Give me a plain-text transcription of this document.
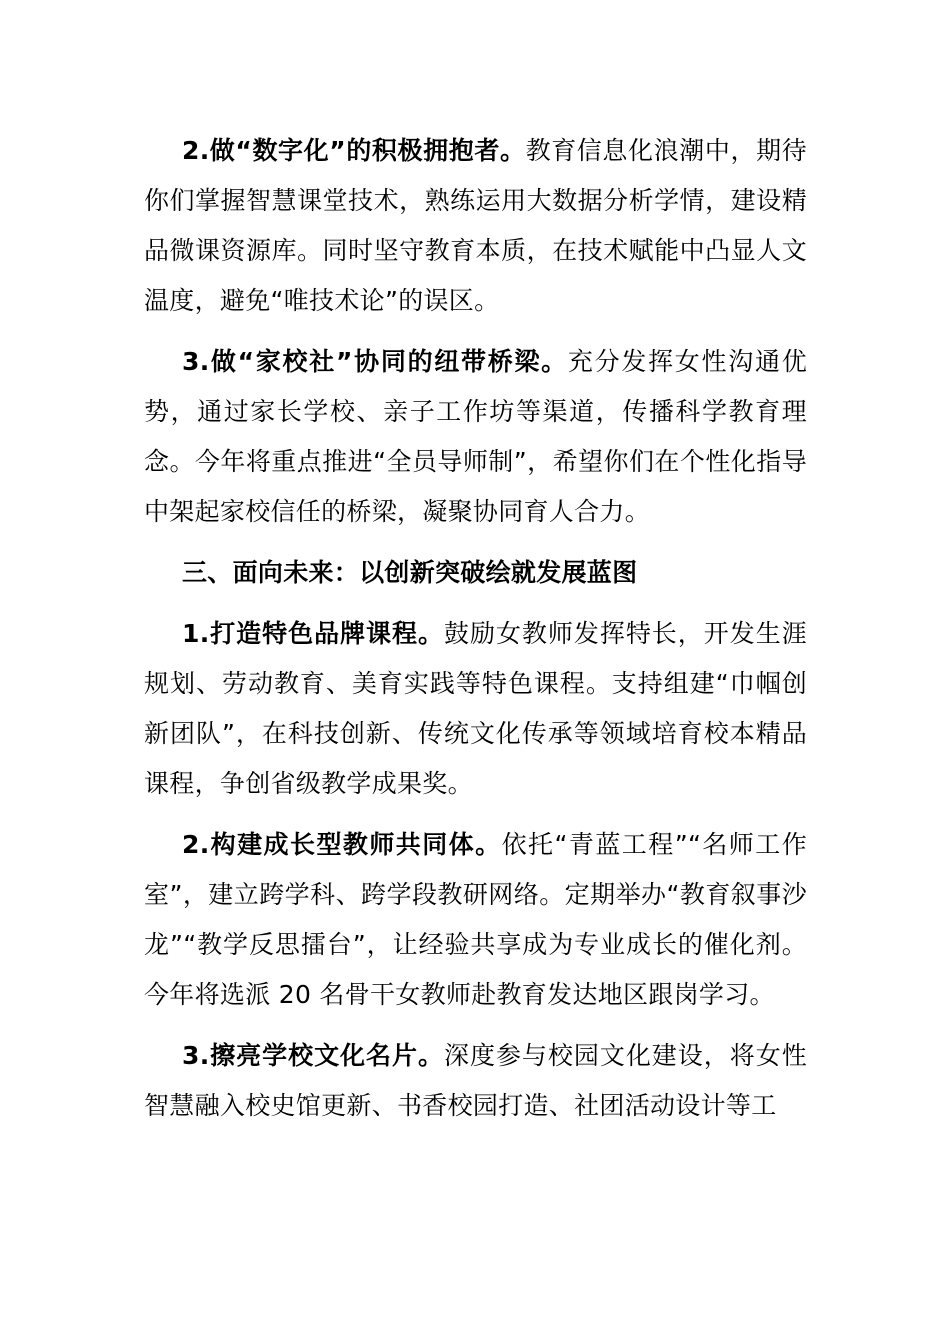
2.做“数字化”的积极拥抱者。教育信息化浪潮中，期待你们掌握智慧课堂技术，熟练运用大数据分析学情，建设精品微课资源库。同时坚守教育本质，在技术赋能中凸显人文温度，避免“唯技术论”的误区。

3.做“家校社”协同的纽带桥梁。充分发挥女性沟通优势，通过家长学校、亲子工作坊等渠道，传播科学教育理念。今年将重点推进“全员导师制”，希望你们在个性化指导中架起家校信任的桥梁，凝聚协同育人合力。

三、面向未来：以创新突破绘就发展蓝图

1.打造特色品牌课程。鼓励女教师发挥特长，开发生涯规划、劳动教育、美育实践等特色课程。支持组建“巾帼创新团队”，在科技创新、传统文化传承等领域培育校本精品课程，争创省级教学成果奖。

2.构建成长型教师共同体。依托“青蓝工程”“名师工作室”，建立跨学科、跨学段教研网络。定期举办“教育叙事沙龙”“教学反思擂台”，让经验共享成为专业成长的催化剂。今年将选派 20 名骨干女教师赴教育发达地区跟岗学习。

3.擦亮学校文化名片。深度参与校园文化建设，将女性智慧融入校史馆更新、书香校园打造、社团活动设计等工
